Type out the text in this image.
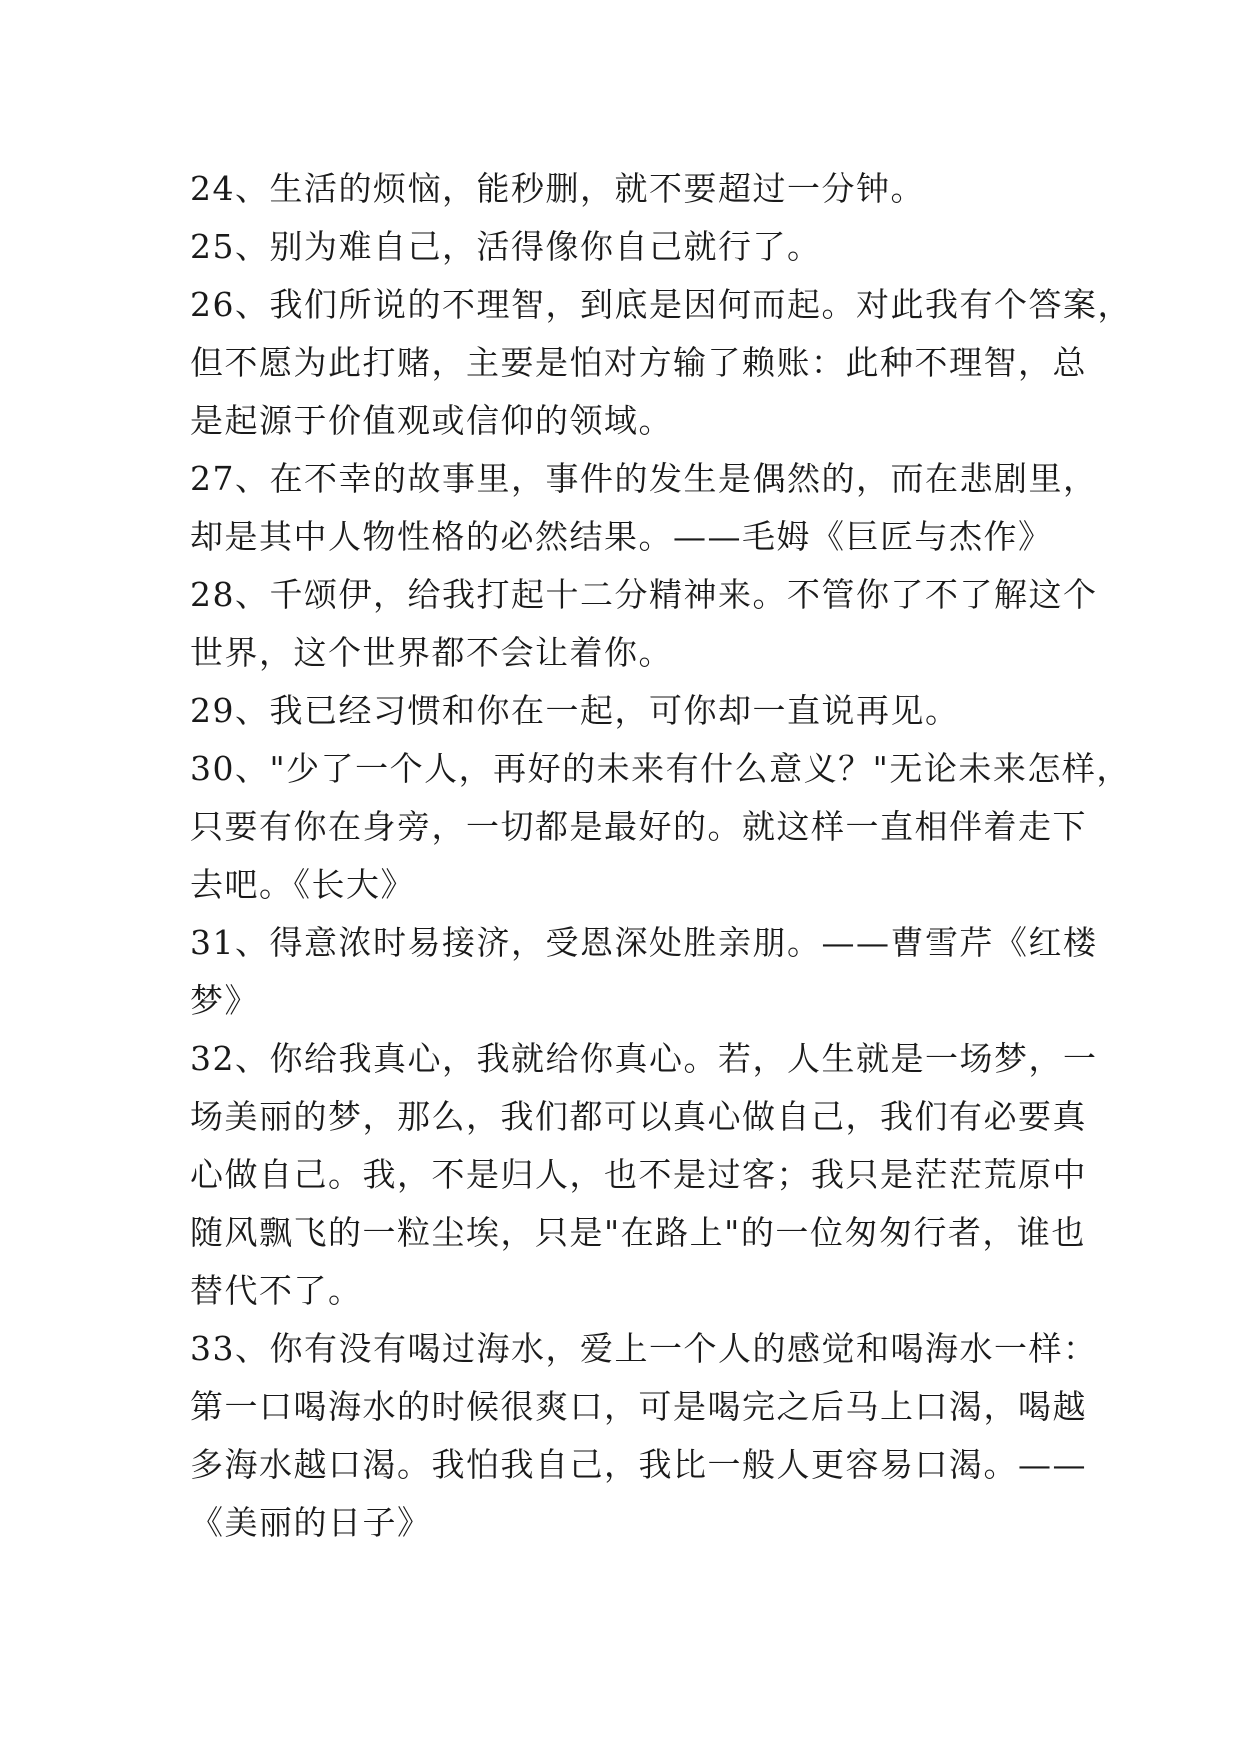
24、生活的烦恼，能秒删，就不要超过一分钟。
25、别为难自己，活得像你自己就行了。
26、我们所说的不理智，到底是因何而起。对此我有个答案，
但不愿为此打赌，主要是怕对方输了赖账：此种不理智，总
是起源于价值观或信仰的领域。
27、在不幸的故事里，事件的发生是偶然的，而在悲剧里，
却是其中人物性格的必然结果。——毛姆《巨匠与杰作》
28、千颂伊，给我打起十二分精神来。不管你了不了解这个
世界，这个世界都不会让着你。
29、我已经习惯和你在一起，可你却一直说再见。
30、"少了一个人，再好的未来有什么意义？"无论未来怎样，
只要有你在身旁，一切都是最好的。就这样一直相伴着走下
去吧。《长大》
31、得意浓时易接济，受恩深处胜亲朋。——曹雪芹《红楼
梦》
32、你给我真心，我就给你真心。若，人生就是一场梦，一
场美丽的梦，那么，我们都可以真心做自己，我们有必要真
心做自己。我，不是归人，也不是过客；我只是茫茫荒原中
随风飘飞的一粒尘埃，只是"在路上"的一位匆匆行者，谁也
替代不了。
33、你有没有喝过海水，爱上一个人的感觉和喝海水一样：
第一口喝海水的时候很爽口，可是喝完之后马上口渴，喝越
多海水越口渴。我怕我自己，我比一般人更容易口渴。——
《美丽的日子》
